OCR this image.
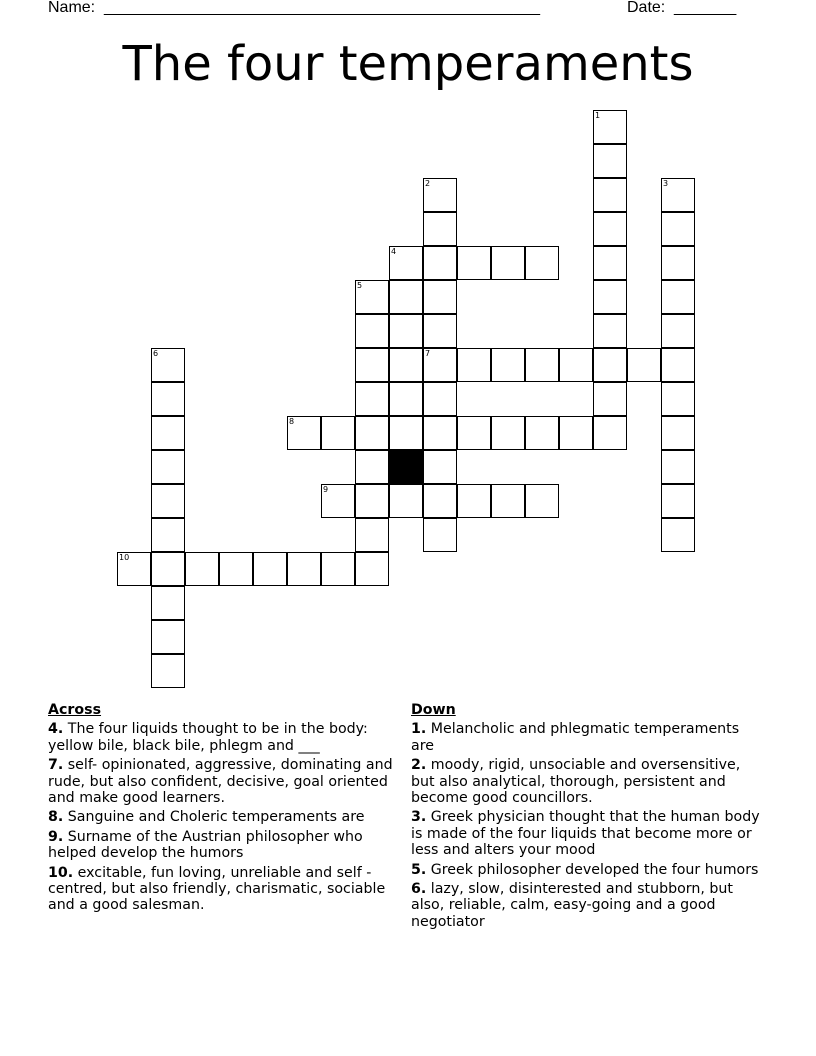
Name: _________________________________________________	Date: _______
The four temperaments
1
2
7
3
4
5
6
8
9
10
Across
4. The four liquids thought to be in the body: yellow bile, black bile, phlegm and ___
7. self- opinionated, aggressive, dominating and rude, but also confident, decisive, goal oriented and make good learners.
8. Sanguine and Choleric temperaments are
9. Surname of the Austrian philosopher who helped develop the humors
10. excitable, fun loving, unreliable and self - centred, but also friendly, charismatic, sociable and a good salesman.
Down
1. Melancholic and phlegmatic temperaments are
2. moody, rigid, unsociable and oversensitive, but also analytical, thorough, persistent and become good councillors.
3. Greek physician thought that the human body is made of the four liquids that become more or less and alters your mood
5. Greek philosopher developed the four humors
6. lazy, slow, disinterested and stubborn, but also, reliable, calm, easy-going and a good negotiator
